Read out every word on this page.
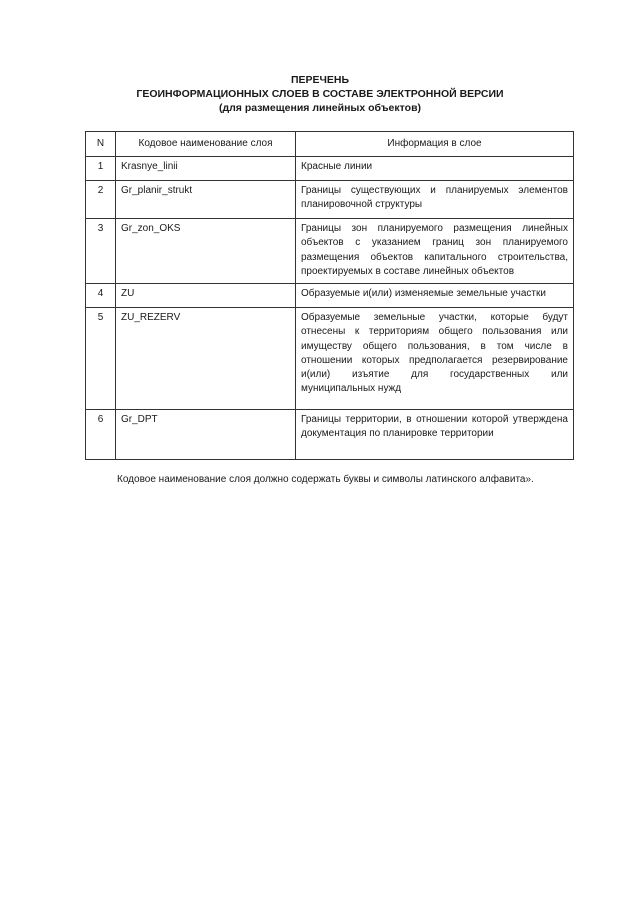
ПЕРЕЧЕНЬ
ГЕОИНФОРМАЦИОННЫХ СЛОЕВ В СОСТАВЕ ЭЛЕКТРОННОЙ ВЕРСИИ
(для размещения линейных объектов)
N	Кодовое наименование слоя	Информация в слое
1	Krasnye_linii	Красные линии
2	Gr_planir_strukt	Границы существующих и планируемых элементов планировочной структуры
3	Gr_zon_OKS	Границы зон планируемого размещения линейных объектов с указанием границ зон планируемого размещения объектов капитального строительства, проектируемых в составе линейных объектов
4	ZU	Образуемые и(или) изменяемые земельные участки
5	ZU_REZERV	Образуемые земельные участки, которые будут отнесены к территориям общего пользования или имуществу общего пользования, в том числе в отношении которых предполагается резервирование и(или) изъятие для государственных или муниципальных нужд
6	Gr_DPT	Границы территории, в отношении которой утверждена документация по планировке территории
Кодовое наименование слоя должно содержать буквы и символы латинского алфавита».
